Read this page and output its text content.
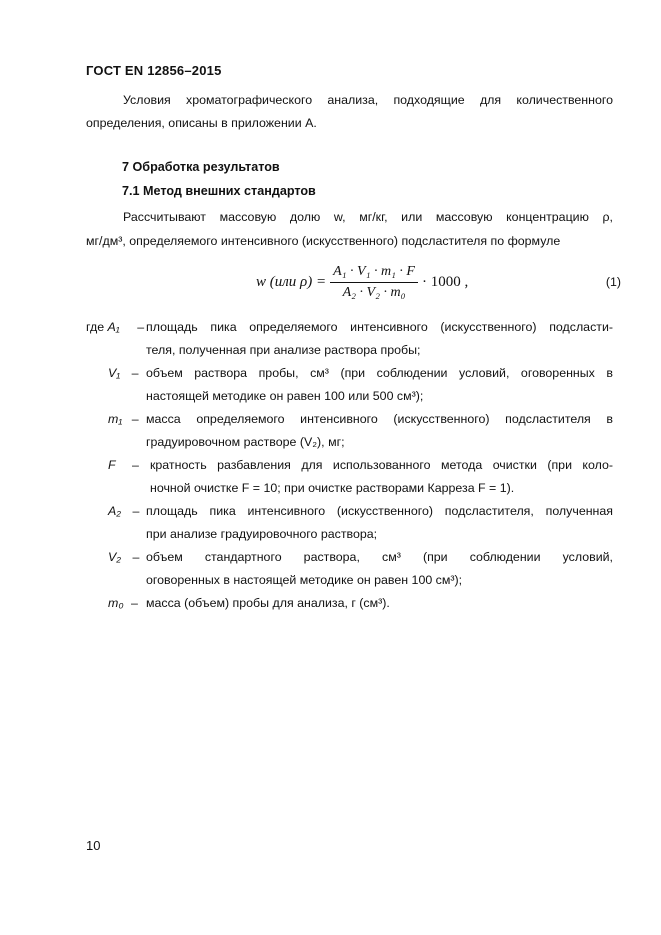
ГОСТ EN 12856–2015
Условия хроматографического анализа, подходящие для количественного определения, описаны в приложении А.
7 Обработка результатов
7.1 Метод внешних стандартов
Рассчитывают массовую долю w, мг/кг, или массовую концентрацию ρ,
мг/дм³, определяемого интенсивного (искусственного) подсластителя по формуле
w (или $\rho) = \frac{\text{A₁ · V₁ · m₁ · F}}{\text{A₂ · V₂ · m₀}} \cdot 1000$ ,	(1)
где A₁ – площадь пика определяемого интенсивного (искусственного) подсласти-
теля, полученная при анализе раствора пробы;
V₁ – объем раствора пробы, см³ (при соблюдении условий, оговоренных в
настоящей методике он равен 100 или 500 см³);
m₁ – масса определяемого интенсивного (искусственного) подсластителя в
градуировочном растворе (V₂), мг;
F – кратность разбавления для использованного метода очистки (при коло-
ночной очистке F = 10; при очистке растворами Карреза F = 1).
A₂ – площадь пика интенсивного (искусственного) подсластителя, полученная
при анализе градуировочного раствора;
V₂ – объем стандартного раствора, см³ (при соблюдении условий,
оговоренных в настоящей методике он равен 100 см³);
m₀ – масса (объем) пробы для анализа, г (см³).
10
